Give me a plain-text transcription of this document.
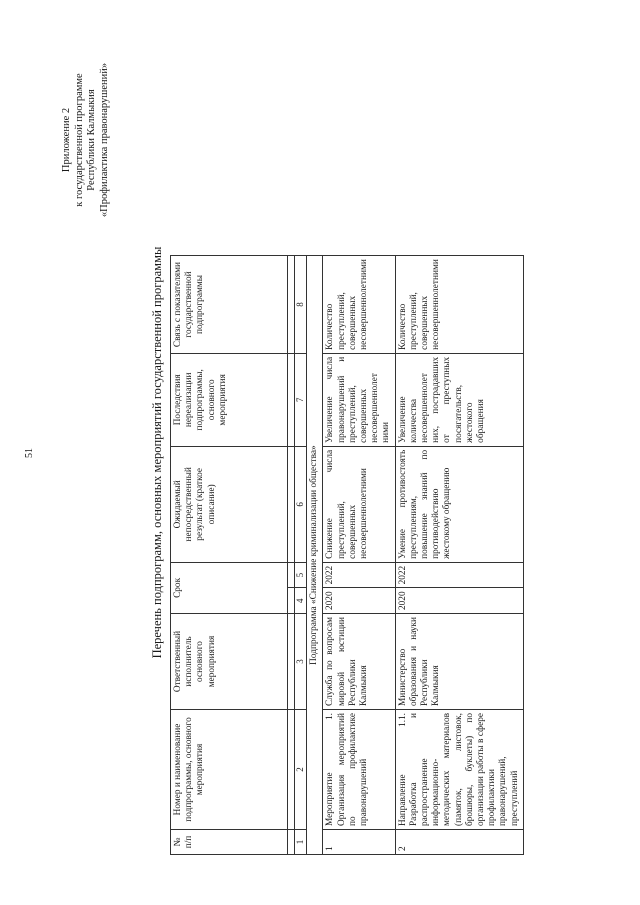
51
Приложение 2 к государственной программе Республики Калмыкия «Профилактика правонарушений»
Перечень подпрограмм, основных мероприятий государственной программы
№ п/п	Номер и наименование подпрограммы, основного мероприятия	Ответственный исполнитель основного мероприятия	Срок		Ожидаемый непосредственный результат (краткое описание)	Последствия нереализации подпрограммы, основного мероприятия	Связь с показателями государственной подпрограммы

1	2	3	4	5	6	7	8
Подпрограмма «Снижение криминализации общества»							
1	Мероприятие 1. Организация мероприятий по профилактике правонарушений	Служба по вопросам мировой юстиции Республики Калмыкия	2020	2022	Снижение числа преступлений, совершенных несовершеннолетними	Увеличение числа правонарушений и преступлений, совершенных несовершеннолет ними	Количество преступлений, совершенных несовершеннолетними
2	Направление 1.1. Разработка и распространение информационно-методических материалов (памяток, листовок, брошюры, буклеты) по организации работы в сфере профилактики правонарушений, преступлений	Министерство образования и науки Республики Калмыкия	2020	2022	Умение противостоять преступлениям, повышение знаний по противодействию жестокому обращению	Увеличение количества несовершеннолет них, пострадавших от преступных посягательств, жестокого обращения	Количество преступлений, совершенных несовершеннолетними
